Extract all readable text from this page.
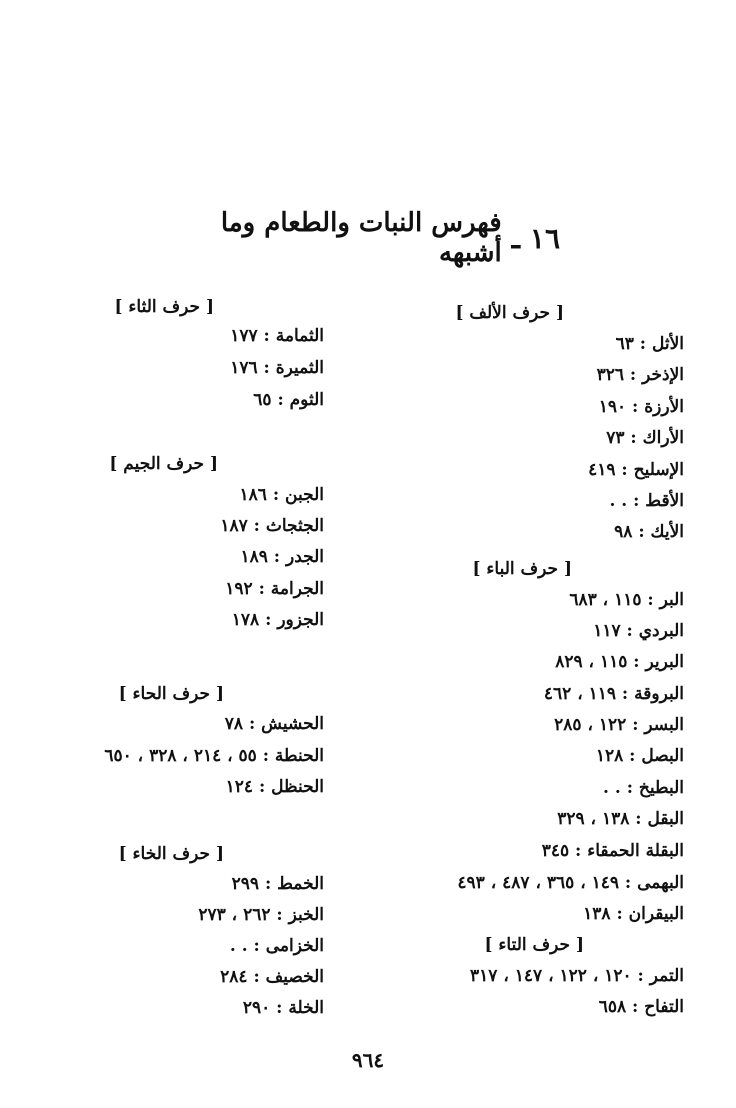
١٦
ـ
فهرس النبات والطعام وما أشبهه
[ حرف الألف ]
الأثل : ٦٣
الإذخر : ٣٢٦
الأرزة : ١٩٠
الأراك : ٧٣
الإسليح : ٤١٩
الأقط : . .
الأيك : ٩٨
[ حرف الباء ]
البر : ١١٥ ، ٦٨٣
البردي : ١١٧
البرير : ١١٥ ، ٨٢٩
البروقة : ١١٩ ، ٤٦٢
البسر : ١٢٢ ، ٢٨٥
البصل : ١٢٨
البطيخ : . .
البقل : ١٣٨ ، ٣٢٩
البقلة الحمقاء : ٣٤٥
البهمى : ١٤٩ ، ٣٦٥ ، ٤٨٧ ، ٤٩٣
البيقران : ١٣٨
[ حرف التاء ]
التمر : ١٢٠ ، ١٢٢ ، ١٤٧ ، ٣١٧
التفاح : ٦٥٨
[ حرف الثاء ]
الثمامة : ١٧٧
الثميرة : ١٧٦
الثوم : ٦٥
[ حرف الجيم ]
الجبن : ١٨٦
الجثجاث : ١٨٧
الجدر : ١٨٩
الجرامة : ١٩٢
الجزور : ١٧٨
[ حرف الحاء ]
الحشيش : ٧٨
الحنطة : ٥٥ ، ٢١٤ ، ٣٢٨ ، ٦٥٠
الحنظل : ١٢٤
[ حرف الخاء ]
الخمط : ٢٩٩
الخبز : ٢٦٢ ، ٢٧٣
الخزامى : . .
الخصيف : ٢٨٤
الخلة : ٢٩٠
٩٦٤
